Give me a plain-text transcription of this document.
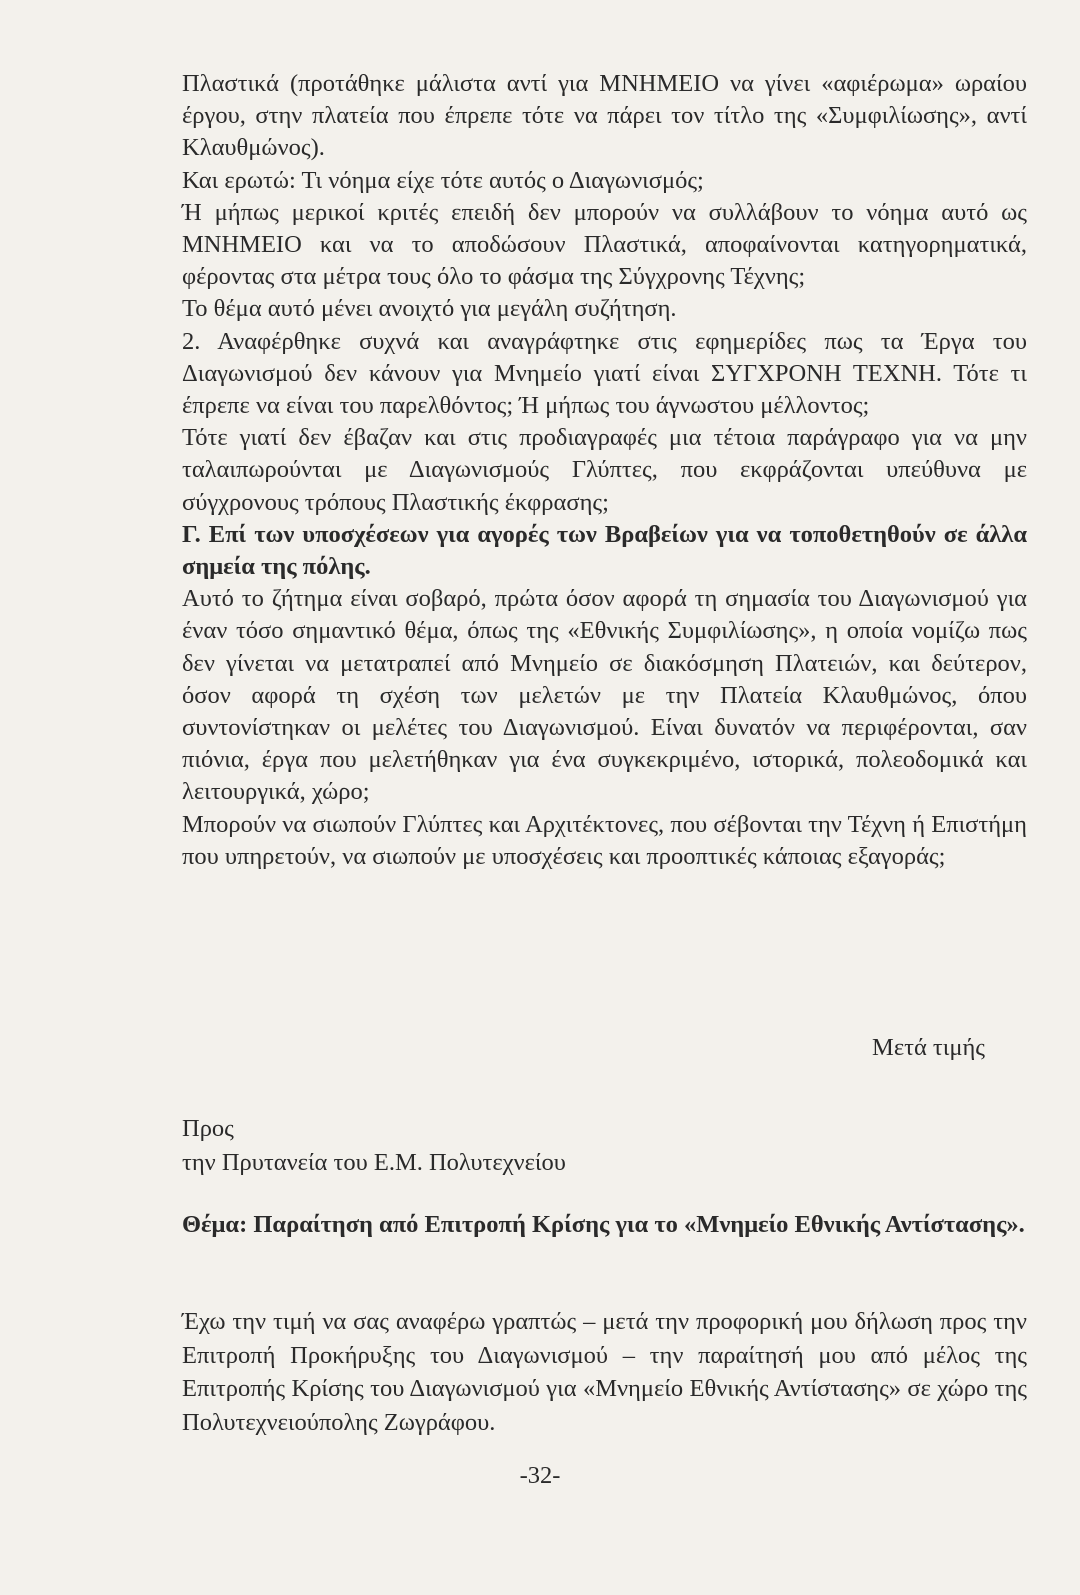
Πλαστικά (προτάθηκε μάλιστα αντί για ΜΝΗΜΕΙΟ να γίνει «αφιέρωμα» ωραίου έργου, στην πλατεία που έπρεπε τότε να πάρει τον τίτλο της «Συμφιλίωσης», αντί Κλαυθμώνος).

Και ερωτώ: Τι νόημα είχε τότε αυτός ο Διαγωνισμός;

Ή μήπως μερικοί κριτές επειδή δεν μπορούν να συλλάβουν το νόημα αυτό ως ΜΝΗΜΕΙΟ και να το αποδώσουν Πλαστικά, αποφαίνονται κατηγορηματικά, φέροντας στα μέτρα τους όλο το φάσμα της Σύγχρονης Τέχνης;

Το θέμα αυτό μένει ανοιχτό για μεγάλη συζήτηση.

2. Αναφέρθηκε συχνά και αναγράφτηκε στις εφημερίδες πως τα Έργα του Διαγωνισμού δεν κάνουν για Μνημείο γιατί είναι ΣΥΓΧΡΟΝΗ ΤΕΧΝΗ. Τότε τι έπρεπε να είναι του παρελθόντος; Ή μήπως του άγνωστου μέλλοντος;

Τότε γιατί δεν έβαζαν και στις προδιαγραφές μια τέτοια παράγραφο για να μην ταλαιπωρούνται με Διαγωνισμούς Γλύπτες, που εκφράζονται υπεύθυνα με σύγχρονους τρόπους Πλαστικής έκφρασης;

Γ. Επί των υποσχέσεων για αγορές των Βραβείων για να τοποθετηθούν σε άλλα σημεία της πόλης.

Αυτό το ζήτημα είναι σοβαρό, πρώτα όσον αφορά τη σημασία του Διαγωνισμού για έναν τόσο σημαντικό θέμα, όπως της «Εθνικής Συμφιλίωσης», η οποία νομίζω πως δεν γίνεται να μετατραπεί από Μνημείο σε διακόσμηση Πλατειών, και δεύτερον, όσον αφορά τη σχέση των μελετών με την Πλατεία Κλαυθμώνος, όπου συντονίστηκαν οι μελέτες του Διαγωνισμού. Είναι δυνατόν να περιφέρονται, σαν πιόνια, έργα που μελετήθηκαν για ένα συγκεκριμένο, ιστορικά, πολεοδομικά και λειτουργικά, χώρο;

Μπορούν να σιωπούν Γλύπτες και Αρχιτέκτονες, που σέβονται την Τέχνη ή Επιστήμη που υπηρετούν, να σιωπούν με υποσχέσεις και προοπτικές κάποιας εξαγοράς;

Μετά τιμής

Προς
την Πρυτανεία του Ε.Μ. Πολυτεχνείου

Θέμα: Παραίτηση από Επιτροπή Κρίσης για το «Μνημείο Εθνικής Αντίστασης».

Έχω την τιμή να σας αναφέρω γραπτώς – μετά την προφορική μου δήλωση προς την Επιτροπή Προκήρυξης του Διαγωνισμού – την παραίτησή μου από μέλος της Επιτροπής Κρίσης του Διαγωνισμού για «Μνημείο Εθνικής Αντίστασης» σε χώρο της Πολυτεχνειούπολης Ζωγράφου.

-32-
